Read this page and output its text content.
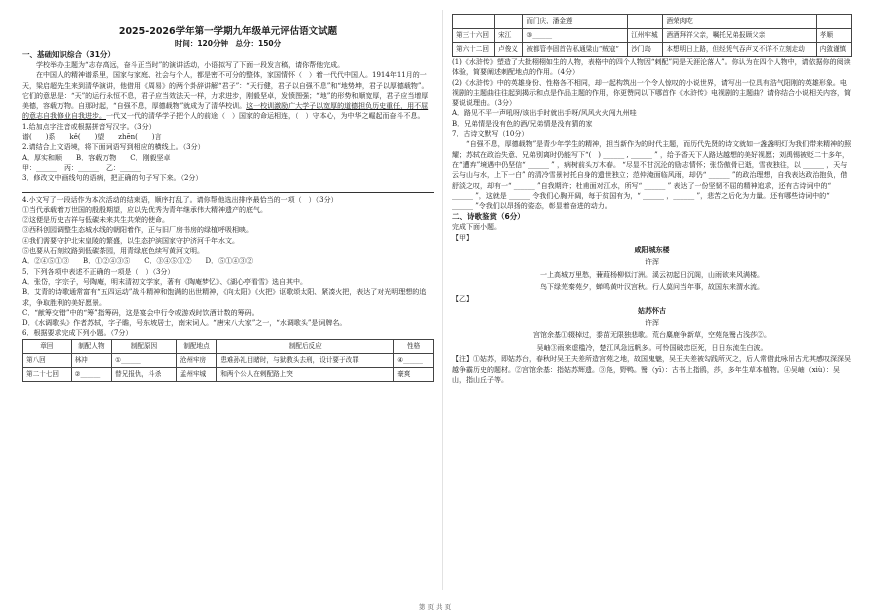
2025-2026学年第一学期九年级单元评估语文试题
时间：120分钟　总分：150分
一、基础知识综合（31分）

学校举办主题为“志存高远，奋斗正当时”的演讲活动，小语拟写了下面一段发言稿，请你帮他完成。

在中国人的精神谱系里，国家与家庭、社会与个人，都是密不可分的整体，家国情怀（　）着一代代中国人。1914年11月的一天，梁启超先生来到清华演讲，他借用《周易》的两个卦辞讲解“君子”：“天行健，君子以自强不息”和“地势坤，君子以厚德载物”。它们的意思是：“天”的运行永恒不息，君子应当效法天一样，力求进步，刚毅坚卓，发愤图强；“地”的形势和顺宽厚，君子应当增厚美德，容载万物。自那时起，“自强不息，厚德载物”就成为了清华校训。这一校训激励广大学子以宽厚的道德担负历史重任，用不屈的意志自我修业自我进步。一代又一代的清华学子把个人的前途（　）国家的命运相连，（　）守本心，为中华之崛起而奋斗不息。

1.给加点字注音或根据拼音写汉字。（3分）

谱(　　)系　　kě(　　)望　　zhēn(　　)言

2.请结合上文语境，将下面词语写到相应的横线上。（3分）

A．厚实和顺　　B．容载万物　　C．刚毅坚卓

甲：______　丙：______　乙：______

3．修改文中画线句的语病，把正确的句子写下来。（2分）

4.小文写了一段话作为本次活动的结束语，顺序打乱了。请你帮他选出排序最恰当的一项（　）（3分）

①当代承载着万世国的殷殷期望，应以先优秀为青年继承伟大精神遗产的底气。

②这便是历史吉祥与低碳未来共生共荣的使命。

③西科创园调整生态城水线的朝阳着作，正与旧厂房书房的绿植呼吸相映。

④我们需要守护北宋皇陵的繁盛，以生态护滨国家守护济河千年水文。

⑤也要从石刻纹路到低碳茶园，用青绿底色续写黄河文明。

A．②④⑤①③　　B．①②④③⑤　　C．③④⑤①②　　D．⑤①④③②

5．下列各项中表述不正确的一项是（　）（3分）

A．张岱，字宗子，号陶庵，明末清初文学家，著有《陶庵梦忆》、《湖心亭看雪》选自其中。

B．艾青的诗歌通常富有“五四运动”战斗精神和饱满的出世精神，《向太阳》《火把》讴歌颂太阳、紧凑火把，表达了对光明理想的追求，争取胜利的美好愿景。

C．“献筹交错”中的“筹”指筹码，这是宴会中行令或游戏时饮酒计数的筹码。

D．《水调歌头》作者苏轼，字子瞻，号东坡居士，南宋词人。“唐宋八大家”之一，“水调歌头”是词牌名。

6．根据要求完成下列小题。（7分）

章回	制配人物	制配原因	制配地点	制配后反应	性格
第八回	林冲	①______	沧州牢房	患难孙礼目睹时，与狱教头去刑，设计要于改罪	④______
第二十七回	②______	替兄报仇，斗杀	孟州牢城	和两个公人在剌配路上突	豪爽
		而门庆、潘金莲		酒荣肉吃	
第三十六回	宋江	③______	江州牢城	酒酒拜祥父亲，嘱托兄弟报顾父亲	孝顺
第六十二回	卢俊义	被都管李固首告私通梁山“贼寇”	沙门岛	本想明日上路，但经凭气吞声又不详不立刻走动	内敛谨慎

(1)《水浒传》塑造了大批栩栩如生的人物，表格中的四个人物因“刺配”同是天涯沦落人”。你认为在四个人物中，请依据你的阅读体验，简要阐述刺配地点的作用。（4分）

(2)《水浒传》中的英雄身份、性格各不相同，却一起构筑出一个令人惊叹的小说世界，请写出一位具有浩气阳刚的英雄形象。电视剧的主题曲往往起到揭示和点是作品主题的作用，你更赞同以下哪首作《水浒传》电视剧的主题曲？请你结合小说相关内容，简要说说理由。（3分）

A．路见不平一声吼呀/该出手时就出手呀/风风火火闯九州哇

B．兄弟情是没有色的酒/兄弟情是没有猜的家

7．古诗文默写（10分）

“自强不息，厚德载物”是青少年学生的精神，担当新作为的时代主题，而历代先贤的诗文就如一盏盏明灯为我们带来精神的照耀；苏轼在政治失意、兄弟别离时仍能写下“(　) ______ , ______ ” ，给予香天下人路达越想的美好视愿；刘禹锡被贬二十多年，在“遭弃”境遇中仍坚信“ ______ ” ，病树前头万木春。 “尽显不甘沉沦的励志情怀；张岱傲骨已逝，雪夜独往，以 ______ ，天与云与山与水，上下一白” 的清冷雪景衬托自身的遗世独立；范仲淹面临风雨，却仍“ ______ ”的政治理想，自我表达政治抱负，借舒淡之叹，却有一“ ______ ”自我期许；杜甫面对江水，所写“ ______ ” 表达了一份坚韧不屈的精神追求，还有古诗词中的“ ______ ”，这就是 ______ 令我们心胸开阔，每于贫国有为，“ ______ ，______ ”，悲苦之后化为力量。还有哪些诗词中的“ ______ ”令我们以昂扬的姿态，彰显着奋进的动力。

二、诗歌鉴赏（6分）

完成下面小题。

【甲】

咸阳城东楼

许浑

一上高城万里愁，蒹葭杨柳似汀洲。溪云初起日沉阁，山雨欲来风满楼。

鸟下绿芜秦苑夕，蝉鸣黄叶汉宫秋。行人莫问当年事，故国东来渭水流。

【乙】

姑苏怀古

许浑

宫馆余基①辍棹过，黍苗无限独悲歌。荒台麋鹿争新草，空苑凫鹥占浅莎②。

吴岫③雨来虚槛冷，楚江风急远帆多。可怜国破忠臣死，日日东流生白波。

【注】①姑苏，即姑苏台，春秋时吴王夫差所造宫苑之地，故国鬼魅，吴王夫差被勾践所灭之，后人常借此咏吊古尤其感叹深深吴越争霸历史的题材。②宫馆余基：指姑苏辉遗。③凫，野鸭。鹥（yī）：古书上指鸥，莎，多年生草本植物。④吴岫（xiù）：吴山，指山丘子等。

第 页 共 页
